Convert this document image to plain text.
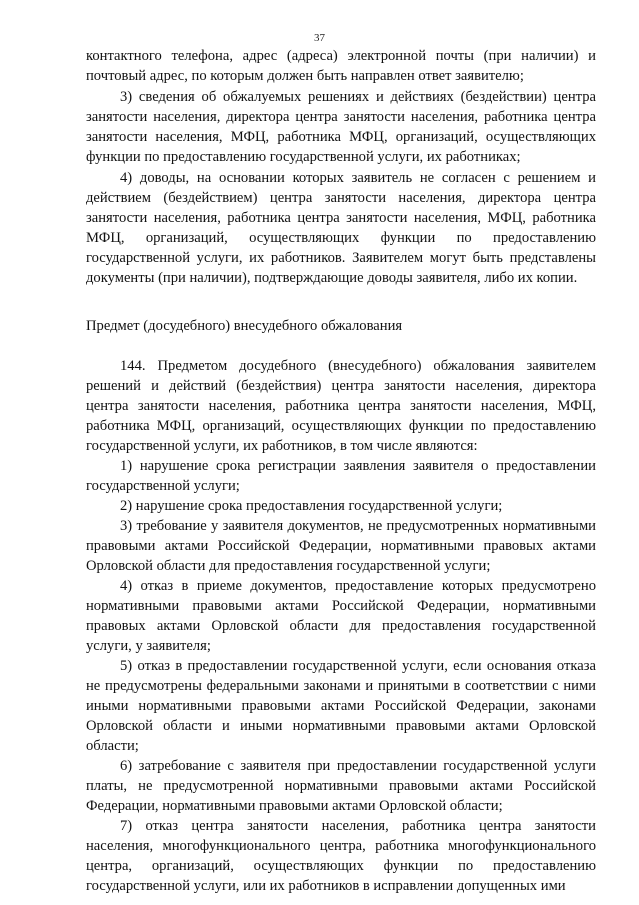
37

контактного телефона, адрес (адреса) электронной почты (при наличии) и почтовый адрес, по которым должен быть направлен ответ заявителю;

3) сведения об обжалуемых решениях и действиях (бездействии) центра занятости населения, директора центра занятости населения, работника центра занятости населения, МФЦ, работника МФЦ, организаций, осуществляющих функции по предоставлению государственной услуги, их работниках;

4) доводы, на основании которых заявитель не согласен с решением и действием (бездействием) центра занятости населения, директора центра занятости населения, работника центра занятости населения, МФЦ, работника МФЦ, организаций, осуществляющих функции по предоставлению государственной услуги, их работников. Заявителем могут быть представлены документы (при наличии), подтверждающие доводы заявителя, либо их копии.

Предмет (досудебного) внесудебного обжалования

144. Предметом досудебного (внесудебного) обжалования заявителем решений и действий (бездействия) центра занятости населения, директора центра занятости населения, работника центра занятости населения, МФЦ, работника МФЦ, организаций, осуществляющих функции по предоставлению государственной услуги, их работников, в том числе являются:

1) нарушение срока регистрации заявления заявителя о предоставлении государственной услуги;

2) нарушение срока предоставления государственной услуги;

3) требование у заявителя документов, не предусмотренных нормативными правовыми актами Российской Федерации, нормативными правовых актами Орловской области для предоставления государственной услуги;

4) отказ в приеме документов, предоставление которых предусмотрено нормативными правовыми актами Российской Федерации, нормативными правовых актами Орловской области для предоставления государственной услуги, у заявителя;

5) отказ в предоставлении государственной услуги, если основания отказа не предусмотрены федеральными законами и принятыми в соответствии с ними иными нормативными правовыми актами Российской Федерации, законами Орловской области и иными нормативными правовыми актами Орловской области;

6) затребование с заявителя при предоставлении государственной услуги платы, не предусмотренной нормативными правовыми актами Российской Федерации, нормативными правовыми актами Орловской области;

7) отказ центра занятости населения, работника центра занятости населения, многофункционального центра, работника многофункционального центра, организаций, осуществляющих функции по предоставлению государственной услуги, или их работников в исправлении допущенных ими
